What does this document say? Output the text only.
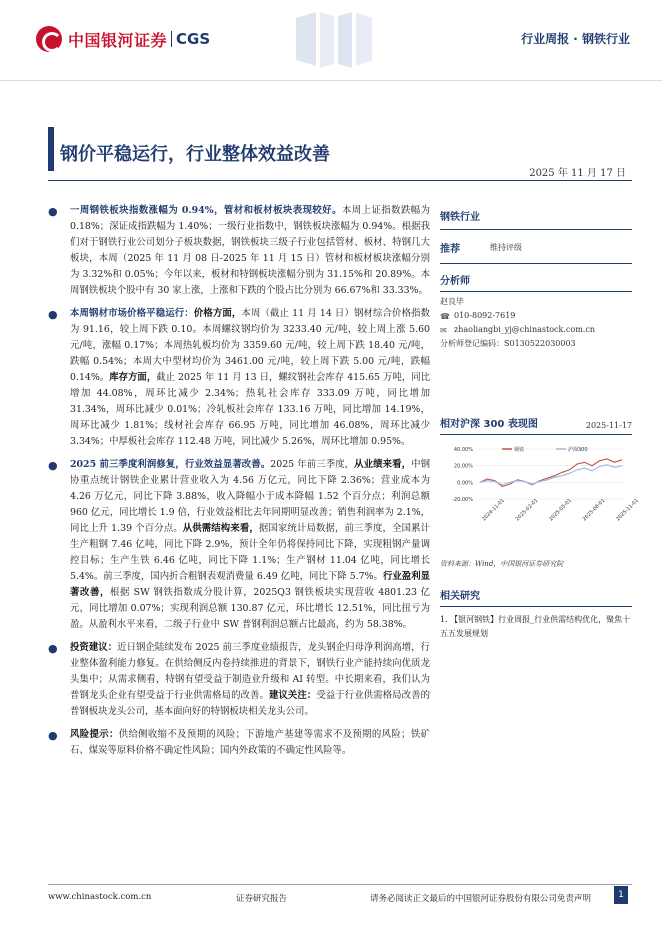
中国银河证券 CGS	行业周报 · 钢铁行业
钢价平稳运行，行业整体效益改善
2025 年 11 月 17 日
● 一周钢铁板块指数涨幅为 0.94%，管材和板材板块表现较好。本周上证指数跌幅为 0.18%；深证成指跌幅为 1.40%；一级行业指数中，钢铁板块涨幅为 0.94%。根据我们对于钢铁行业公司划分子板块数据，钢铁板块三级子行业包括管材、板材、特钢几大板块，本周（2025 年 11 月 08 日-2025 年 11 月 15 日）管材和板材板块涨幅分别为 3.32%和 0.05%；今年以来，板材和特钢板块涨幅分别为 31.15%和 20.89%。本周钢铁板块个股中有 30 家上涨，上涨和下跌的个股占比分别为 66.67%和 33.33%。
● 本周钢材市场价格平稳运行：价格方面，本周（截止 11 月 14 日）钢材综合价格指数为 91.16，较上周下跌 0.10。本周螺纹钢均价为 3233.40 元/吨，较上周上涨 5.60 元/吨，涨幅 0.17%；本周热轧板均价为 3359.60 元/吨，较上周下跌 18.40 元/吨，跌幅 0.54%；本周大中型材均价为 3461.00 元/吨，较上周下跌 5.00 元/吨，跌幅 0.14%。库存方面，截止 2025 年 11 月 13 日，螺纹钢社会库存 415.65 万吨，同比增加 44.08%，周环比减少 2.34%；热轧社会库存 333.09 万吨，同比增加 31.34%，周环比减少 0.01%；冷轧板社会库存 133.16 万吨，同比增加 14.19%，周环比减少 1.81%；线材社会库存 66.95 万吨，同比增加 46.08%，周环比减少 3.34%；中厚板社会库存 112.48 万吨，同比减少 5.26%，周环比增加 0.95%。
● 2025 前三季度利润修复，行业效益显著改善。2025 年前三季度，从业绩来看，中钢协重点统计钢铁企业累计营业收入为 4.56 万亿元，同比下降 2.36%；营业成本为 4.26 万亿元，同比下降 3.88%，收入降幅小于成本降幅 1.52 个百分点；利润总额 960 亿元，同比增长 1.9 倍，行业效益相比去年同期明显改善；销售利润率为 2.1%，同比上升 1.39 个百分点。从供需结构来看，据国家统计局数据，前三季度，全国累计生产粗钢 7.46 亿吨，同比下降 2.9%，预计全年仍将保持同比下降，实现粗钢产量调控目标；生产生铁 6.46 亿吨，同比下降 1.1%；生产钢材 11.04 亿吨，同比增长 5.4%。前三季度，国内折合粗钢表观消费量 6.49 亿吨，同比下降 5.7%。行业盈利显著改善，根据 SW 钢铁指数成分股计算，2025Q3 钢铁板块实现营收 4801.23 亿元，同比增加 0.07%；实现利润总额 130.87 亿元，环比增长 12.51%，同比扭亏为盈。从盈利水平来看，二级子行业中 SW 普钢利润总额占比最高，约为 58.38%。
● 投资建议：近日钢企陆续发布 2025 前三季度业绩报告，龙头钢企归母净利润高增，行业整体盈利能力修复。在供给侧反内卷持续推进的背景下，钢铁行业产能持续向优质龙头集中；从需求侧看，特钢有望受益于制造业升级和 AI 转型。中长期来看，我们认为普钢龙头企业有望受益于行业供需格局的改善。建议关注：受益于行业供需格局改善的普钢板块龙头公司，基本面向好的特钢板块相关龙头公司。
● 风险提示：供给侧收缩不及预期的风险；下游地产基建等需求不及预期的风险；铁矿石、煤炭等原料价格不确定性风险；国内外政策的不确定性风险等。
钢铁行业
推荐	维持评级
分析师
赵良毕
☎ 010-8092-7619
✉ zhaoliangbi_yj@chinastock.com.cn
分析师登记编码：S0130522030003
相对沪深 300 表现图	2025-11-17
40.00%
20.00%
0.00%
-20.00% 2024-11-01 2025-02-01 2025-05-01 2025-08-01 2025-11-01
钢铁	沪深300
资料来源：Wind，中国银河证券研究院
相关研究
1. 【银河钢铁】行业周报_行业供需结构优化，聚焦十五五发展规划
www.chinastock.com.cn	证券研究报告	请务必阅读正文最后的中国银河证券股份有限公司免责声明	1
